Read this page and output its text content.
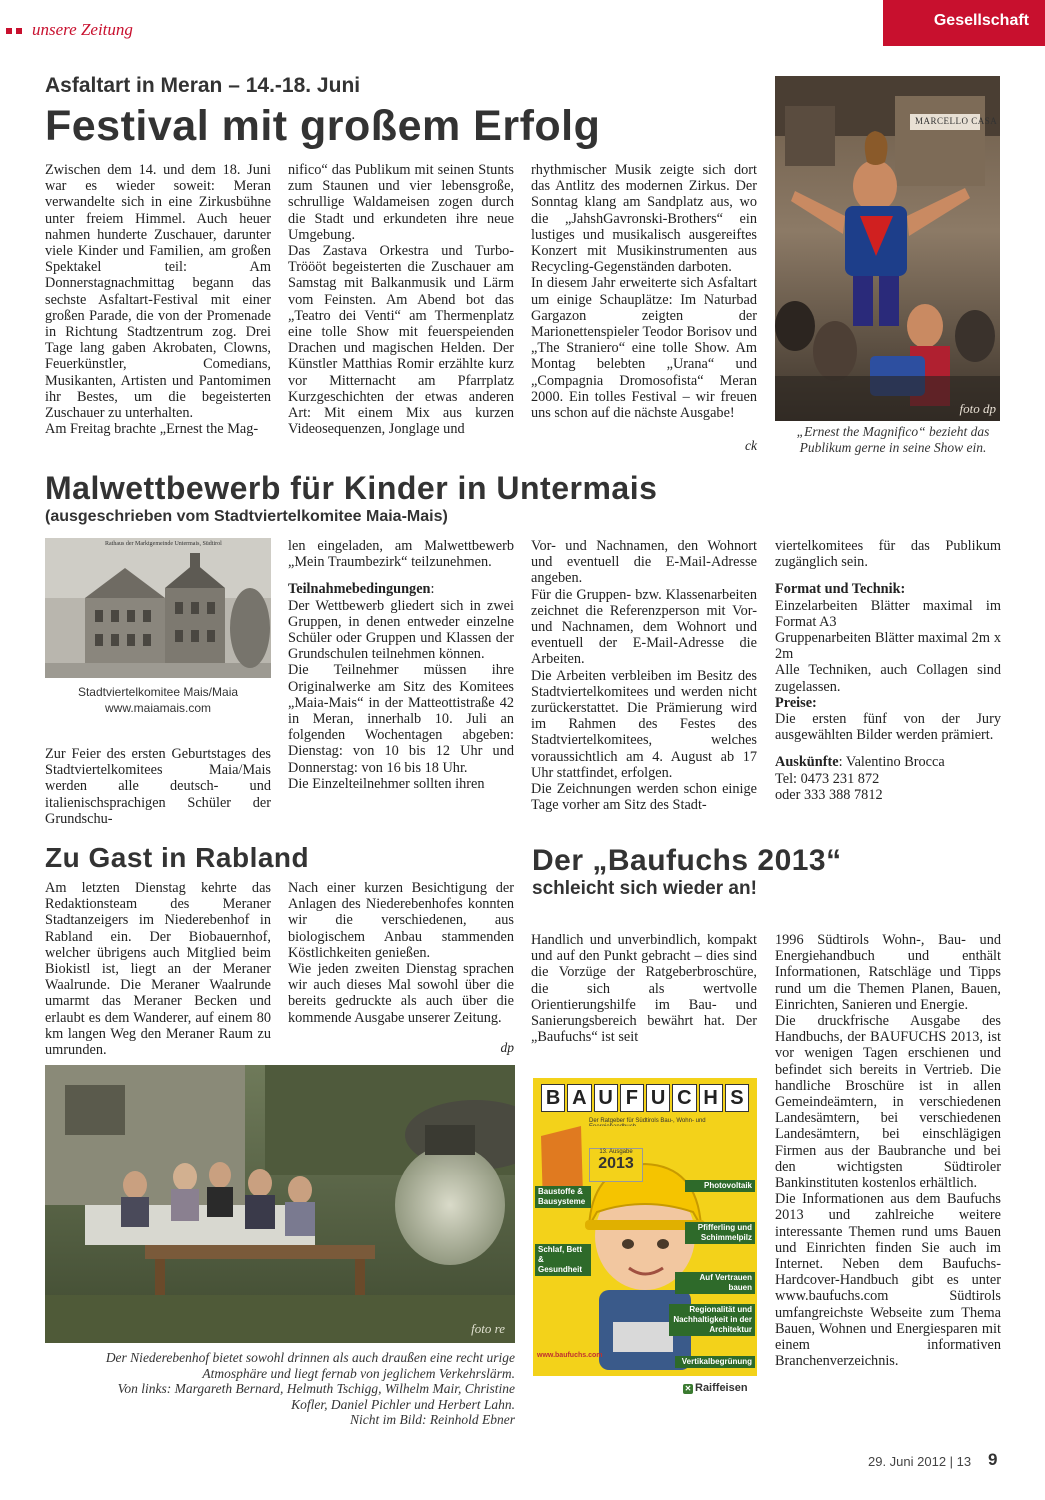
unsere Zeitung	Gesellschaft
Asfaltart in Meran – 14.-18. Juni
Festival mit großem Erfolg
Zwischen dem 14. und dem 18. Juni war es wieder soweit: Meran verwandelte sich in eine Zirkusbühne unter freiem Himmel. Auch heuer nahmen hunderte Zuschauer, darunter viele Kinder und Familien, am großen Spektakel teil: Am Donnerstagnachmittag begann das sechste Asfaltart-Festival mit einer großen Parade, die von der Promenade in Richtung Stadtzentrum zog. Drei Tage lang gaben Akrobaten, Clowns, Feuerkünstler, Comedians, Musikanten, Artisten und Pantomimen ihr Bestes, um die begeisterten Zuschauer zu unterhalten.
Am Freitag brachte „Ernest the Mag-
nifico“ das Publikum mit seinen Stunts zum Staunen und vier lebensgroße, schrullige Waldameisen zogen durch die Stadt und erkundeten ihre neue Umgebung.
Das Zastava Orkestra und Turbo-Tröööt begeisterten die Zuschauer am Samstag mit Balkanmusik und Lärm vom Feinsten. Am Abend bot das „Teatro dei Venti“ am Thermenplatz eine tolle Show mit feuerspeienden Drachen und magischen Helden. Der Künstler Matthias Romir erzählte kurz vor Mitternacht am Pfarrplatz Kurzgeschichten der etwas anderen Art: Mit einem Mix aus kurzen Videosequenzen, Jonglage und
rhythmischer Musik zeigte sich dort das Antlitz des modernen Zirkus. Der Sonntag klang am Sandplatz aus, wo die „JahshGavronski-Brothers“ ein lustiges und musikalisch ausgereiftes Konzert mit Musikinstrumenten aus Recycling-Gegenständen darboten.
In diesem Jahr erweiterte sich Asfaltart um einige Schauplätze: Im Naturbad Gargazon zeigten der Marionettenspieler Teodor Borisov und „The Straniero“ eine tolle Show. Am Montag belebten „Urana“ und „Compagnia Dromosofista“ Meran 2000. Ein tolles Festival – wir freuen uns schon auf die nächste Ausgabe!
ck
MARCELLO CASA
foto dp
„Ernest the Magnifico“ bezieht das Publikum gerne in seine Show ein.
Malwettbewerb für Kinder in Untermais
(ausgeschrieben vom Stadtviertelkomitee Maia-Mais)
Rathaus der Marktgemeinde Untermais, Südtirol
Stadtviertelkomitee Mais/Maia
www.maiamais.com
Zur Feier des ersten Geburtstages des Stadtviertelkomitees Maia/Mais werden alle deutsch- und italienischsprachigen Schüler der Grundschu-
len eingeladen, am Malwettbewerb „Mein Traumbezirk“ teilzunehmen.
Teilnahmebedingungen:
Der Wettbewerb gliedert sich in zwei Gruppen, in denen entweder einzelne Schüler oder Gruppen und Klassen der Grundschulen teilnehmen können.
Die Teilnehmer müssen ihre Originalwerke am Sitz des Komitees „Maia-Mais“ in der Matteottistraße 42 in Meran, innerhalb 10. Juli an folgenden Wochentagen abgeben: Dienstag: von 10 bis 12 Uhr und Donnerstag: von 16 bis 18 Uhr.
Die Einzelteilnehmer sollten ihren
Vor- und Nachnamen, den Wohnort und eventuell die E-Mail-Adresse angeben.
Für die Gruppen- bzw. Klassenarbeiten zeichnet die Referenzperson mit Vor- und Nachnamen, dem Wohnort und eventuell der E-Mail-Adresse die Arbeiten.
Die Arbeiten verbleiben im Besitz des Stadtviertelkomitees und werden nicht zurückerstattet. Die Prämierung wird im Rahmen des Festes des Stadtviertelkomitees, welches voraussichtlich am 4. August ab 17 Uhr stattfindet, erfolgen.
Die Zeichnungen werden schon einige Tage vorher am Sitz des Stadt-
viertelkomitees für das Publikum zugänglich sein.
Format und Technik:
Einzelarbeiten Blätter maximal im Format A3
Gruppenarbeiten Blätter maximal 2m x 2m
Alle Techniken, auch Collagen sind zugelassen.
Preise:
Die ersten fünf von der Jury ausgewählten Bilder werden prämiert.
Auskünfte: Valentino Brocca
Tel: 0473 231 872
oder 333 388 7812
Zu Gast in Rabland
Am letzten Dienstag kehrte das Redaktionsteam des Meraner Stadtanzeigers im Niederebenhof in Rabland ein. Der Biobauernhof, welcher übrigens auch Mitglied beim Biokistl ist, liegt an der Meraner Waalrunde. Die Meraner Waalrunde umarmt das Meraner Becken und erlaubt es dem Wanderer, auf einem 80 km langen Weg den Meraner Raum zu umrunden.
Nach einer kurzen Besichtigung der Anlagen des Niederebenhofes konnten wir die verschiedenen, aus biologischem Anbau stammenden Köstlichkeiten genießen.
Wie jeden zweiten Dienstag sprachen wir auch dieses Mal sowohl über die bereits gedruckte als auch über die kommende Ausgabe unserer Zeitung.
dp
foto re
Der Niederebenhof bietet sowohl drinnen als auch draußen eine recht urige
Atmosphäre und liegt fernab von jeglichem Verkehrslärm.
Von links: Margareth Bernard, Helmuth Tschigg, Wilhelm Mair, Christine
Kofler, Daniel Pichler und Herbert Lahn.
Nicht im Bild: Reinhold Ebner
Der „Baufuchs 2013“
schleicht sich wieder an!
Handlich und unverbindlich, kompakt und auf den Punkt gebracht – dies sind die Vorzüge der Ratgeberbroschüre, die sich als wertvolle Orientierungshilfe im Bau- und Sanierungsbereich bewährt hat. Der „Baufuchs“ ist seit
1996 Südtirols Wohn-, Bau- und Energiehandbuch und enthält Informationen, Ratschläge und Tipps rund um die Themen Planen, Bauen, Einrichten, Sanieren und Energie.
Die druckfrische Ausgabe des Handbuchs, der BAUFUCHS 2013, ist vor wenigen Tagen erschienen und befindet sich bereits in Vertrieb. Die handliche Broschüre ist in allen Gemeindeämtern, in verschiedenen Landesämtern, bei verschiedenen Landesämtern, bei einschlägigen Firmen aus der Baubranche und bei den wichtigsten Südtiroler Bankinstituten kostenlos erhältlich.
Die Informationen aus dem Baufuchs 2013 und zahlreiche weitere interessante Themen rund ums Bauen und Einrichten finden Sie auch im Internet. Neben dem Baufuchs-Hardcover-Handbuch gibt es unter www.baufuchs.com Südtirols umfangreichste Webseite zum Thema Bauen, Wohnen und Energiesparen mit einem informativen Branchenverzeichnis.
B A U F U C H S
Der Ratgeber für Südtirols Bau-, Wohn- und
13. Ausgabe
2013
Baustoffe & Bausysteme
Schlaf, Bett & Gesundheit
Photovoltaik
Pfifferling und Schimmelpilz
Auf Vertrauen bauen
Regionalität und Nachhaltigkeit in der Architektur
Vertikalbegrünung
www.baufuchs.com
✕ Raiffeisen
29. Juni 2012 | 13 9
